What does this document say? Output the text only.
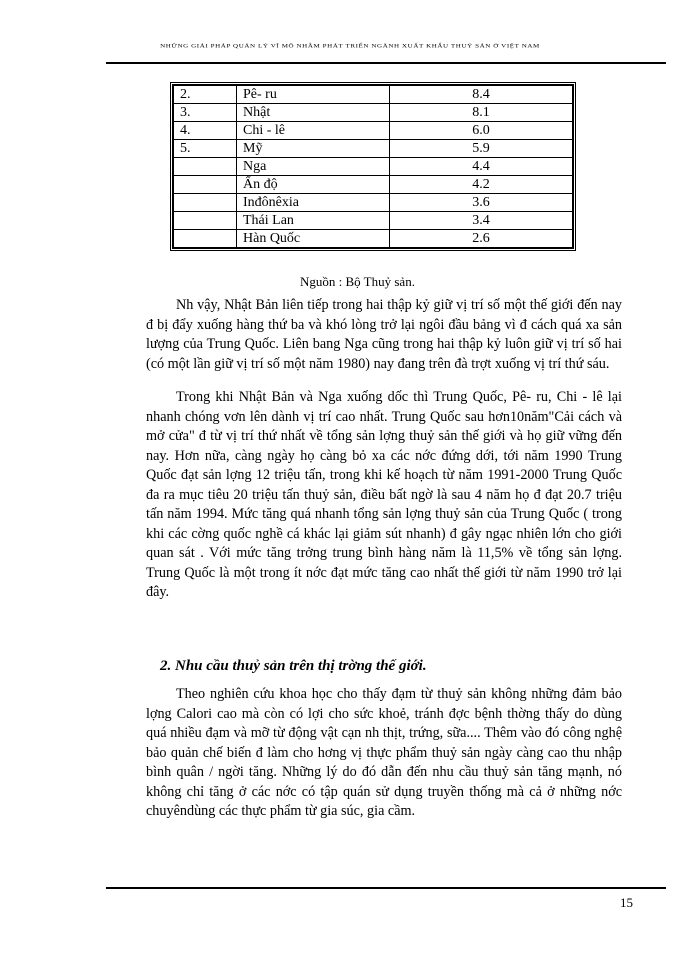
NHỮNG GIẢI PHÁP QUẢN LÝ VĨ MÔ NHẰM PHÁT TRIỂN NGÀNH XUẤT KHẨU THUỶ SẢN Ở VIỆT NAM
2.	Pê- ru	8.4
3.	Nhật	8.1
4.	Chi - lê	6.0
5.	Mỹ	5.9
	Nga	4.4
	Ấn độ	4.2
	Inđônêxia	3.6
	Thái Lan	3.4
	Hàn Quốc	2.6
Nguồn : Bộ Thuỷ sản.

Nh vậy, Nhật Bản liên tiếp trong hai thập kỷ giữ vị trí số một thế giới đến nay đ bị đẩy xuống hàng thứ ba và khó lòng trở lại ngôi đầu bảng vì đ cách quá xa sản lượng của Trung Quốc. Liên bang Nga cũng trong hai thập kỷ luôn giữ vị trí số hai (có một lần giữ vị trí số một năm 1980) nay đang trên đà trợt xuống vị trí thứ sáu.

Trong khi Nhật Bản và Nga xuống dốc thì Trung Quốc, Pê- ru, Chi - lê lại nhanh chóng vơn lên dành vị trí cao nhất. Trung Quốc sau hơn10năm"Cải cách và mở cửa" đ từ vị trí thứ nhất về tổng sản lợng thuỷ sản thế giới và họ giữ vững đến nay. Hơn nữa, càng ngày họ càng bỏ xa các nớc đứng dới, tới năm 1990 Trung Quốc đạt sản lợng 12 triệu tấn, trong khi kế hoạch từ năm 1991-2000 Trung Quốc đa ra mục tiêu 20 triệu tấn thuỷ sản, điều bất ngờ là sau 4 năm họ đ đạt 20.7 triệu tấn năm 1994. Mức tăng quá nhanh tổng sản lợng thuỷ sản của Trung Quốc ( trong khi các cờng quốc nghề cá khác lại giảm sút nhanh) đ gây ngạc nhiên lớn cho giới quan sát . Với mức tăng trởng trung bình hàng năm là 11,5% về tổng sản lợng. Trung Quốc là một trong ít nớc đạt mức tăng cao nhất thế giới từ năm 1990 trở lại đây.

2. Nhu cầu thuỷ sản trên thị trờng thế giới.

Theo nghiên cứu khoa học cho thấy đạm từ thuỷ sản không những đảm bảo lợng Calori cao mà còn có lợi cho sức khoẻ, tránh đợc bệnh thờng thấy do dùng quá nhiều đạm và mỡ từ động vật cạn nh thịt, trứng, sữa.... Thêm vào đó công nghệ bảo quản chế biến đ làm cho hơng vị thực phẩm thuỷ sản ngày càng cao thu nhập bình quân / ngời tăng. Những lý do đó dẫn đến nhu cầu thuỷ sản tăng mạnh, nó không chỉ tăng ở các nớc có tập quán sử dụng truyền thống mà cả ở những nớc chuyêndùng các thực phẩm từ gia súc, gia cầm.

15
